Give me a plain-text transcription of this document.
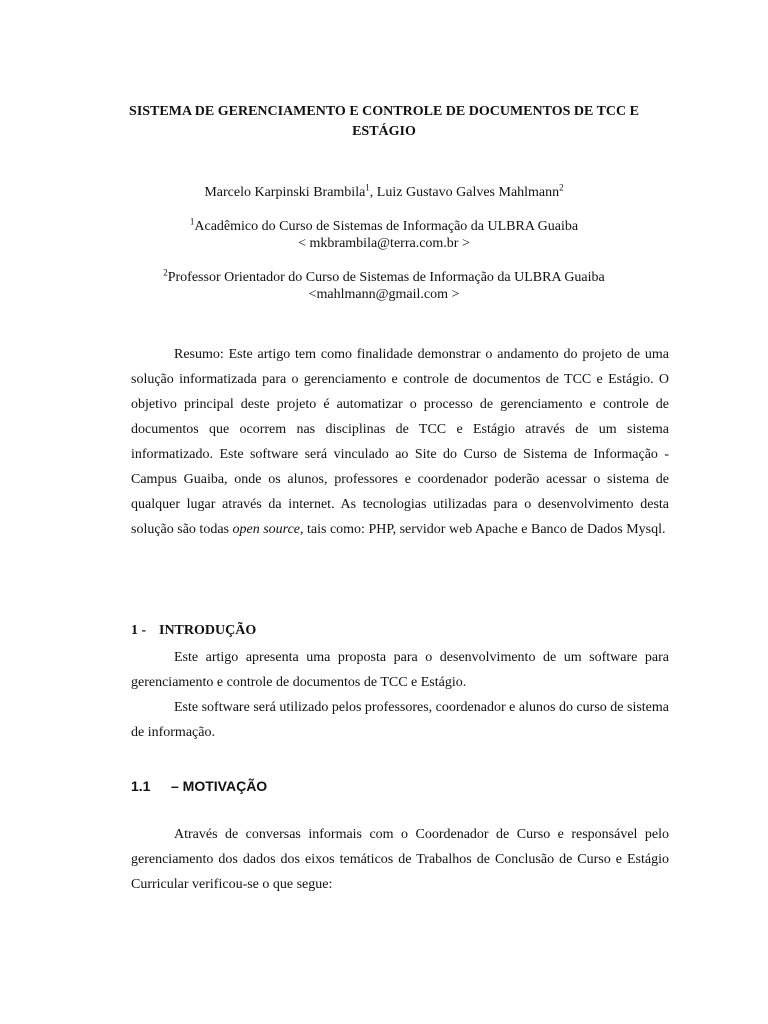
SISTEMA DE GERENCIAMENTO E CONTROLE DE DOCUMENTOS DE TCC E ESTÁGIO
Marcelo Karpinski Brambila$^1$, Luiz Gustavo Galves Mahlmann$^2$
$^1$Acadêmico do Curso de Sistemas de Informação da ULBRA Guaiba
< mkbrambila@terra.com.br >
$^2$Professor Orientador do Curso de Sistemas de Informação da ULBRA Guaiba
<mahlmann@gmail.com >

Resumo: Este artigo tem como finalidade demonstrar o andamento do projeto de uma solução informatizada para o gerenciamento e controle de documentos de TCC e Estágio. O objetivo principal deste projeto é automatizar o processo de gerenciamento e controle de documentos que ocorrem nas disciplinas de TCC e Estágio através de um sistema informatizado. Este software será vinculado ao Site do Curso de Sistema de Informação - Campus Guaiba, onde os alunos, professores e coordenador poderão acessar o sistema de qualquer lugar através da internet. As tecnologias utilizadas para o desenvolvimento desta solução são todas open source, tais como: PHP, servidor web Apache e Banco de Dados Mysql.

1 - INTRODUÇÃO

Este artigo apresenta uma proposta para o desenvolvimento de um software para gerenciamento e controle de documentos de TCC e Estágio.

Este software será utilizado pelos professores, coordenador e alunos do curso de sistema de informação.

1.1 – MOTIVAÇÃO

Através de conversas informais com o Coordenador de Curso e responsável pelo gerenciamento dos dados dos eixos temáticos de Trabalhos de Conclusão de Curso e Estágio Curricular verificou-se o que segue:
